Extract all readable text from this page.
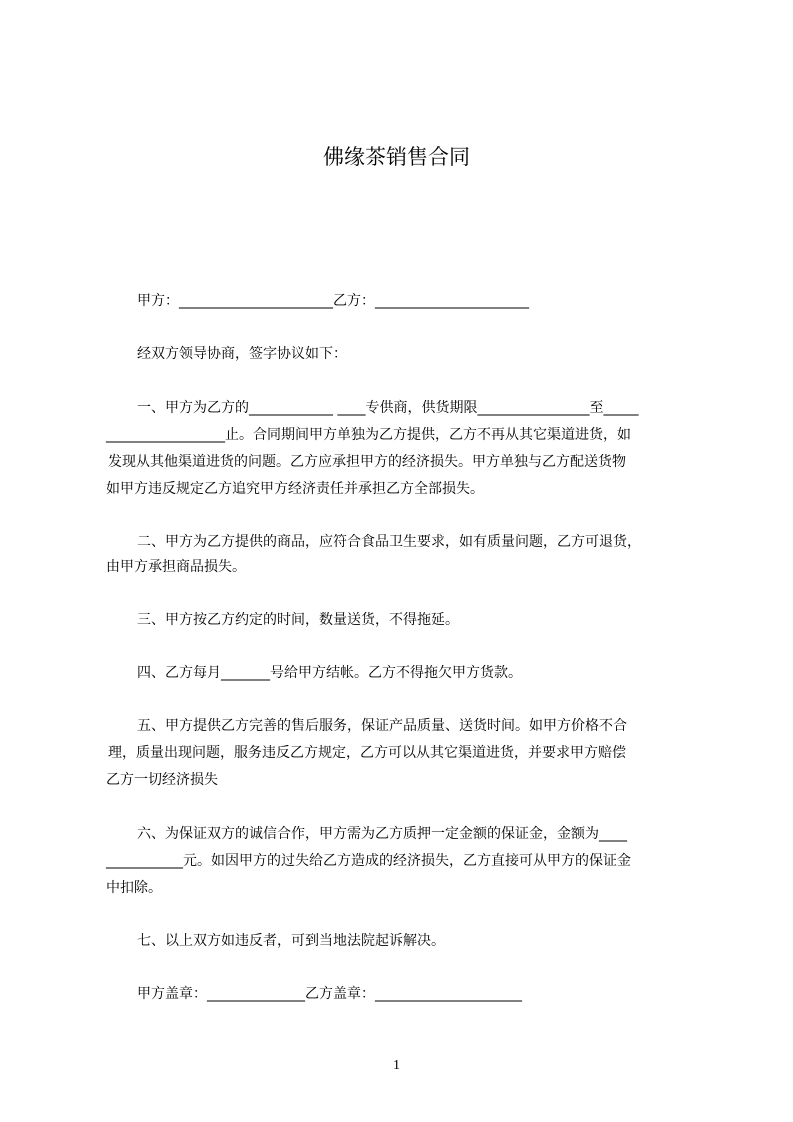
佛缘茶销售合同
甲方：______________________乙方：______________________
经双方领导协商，签字协议如下：
一、甲方为乙方的____________ ____专供商，供货期限________________至_____
_________________止。合同期间甲方单独为乙方提供，乙方不再从其它渠道进货，如
发现从其他渠道进货的问题。乙方应承担甲方的经济损失。甲方单独与乙方配送货物
如甲方违反规定乙方追究甲方经济责任并承担乙方全部损失。
二、甲方为乙方提供的商品，应符合食品卫生要求，如有质量问题，乙方可退货，
由甲方承担商品损失。
三、甲方按乙方约定的时间，数量送货，不得拖延。
四、乙方每月_______号给甲方结帐。乙方不得拖欠甲方货款。
五、甲方提供乙方完善的售后服务，保证产品质量、送货时间。如甲方价格不合
理，质量出现问题，服务违反乙方规定，乙方可以从其它渠道进货，并要求甲方赔偿
乙方一切经济损失
六、为保证双方的诚信合作，甲方需为乙方质押一定金额的保证金，金额为____
___________元。如因甲方的过失给乙方造成的经济损失，乙方直接可从甲方的保证金
中扣除。
七、以上双方如违反者，可到当地法院起诉解决。
甲方盖章：______________乙方盖章：_____________________
1
